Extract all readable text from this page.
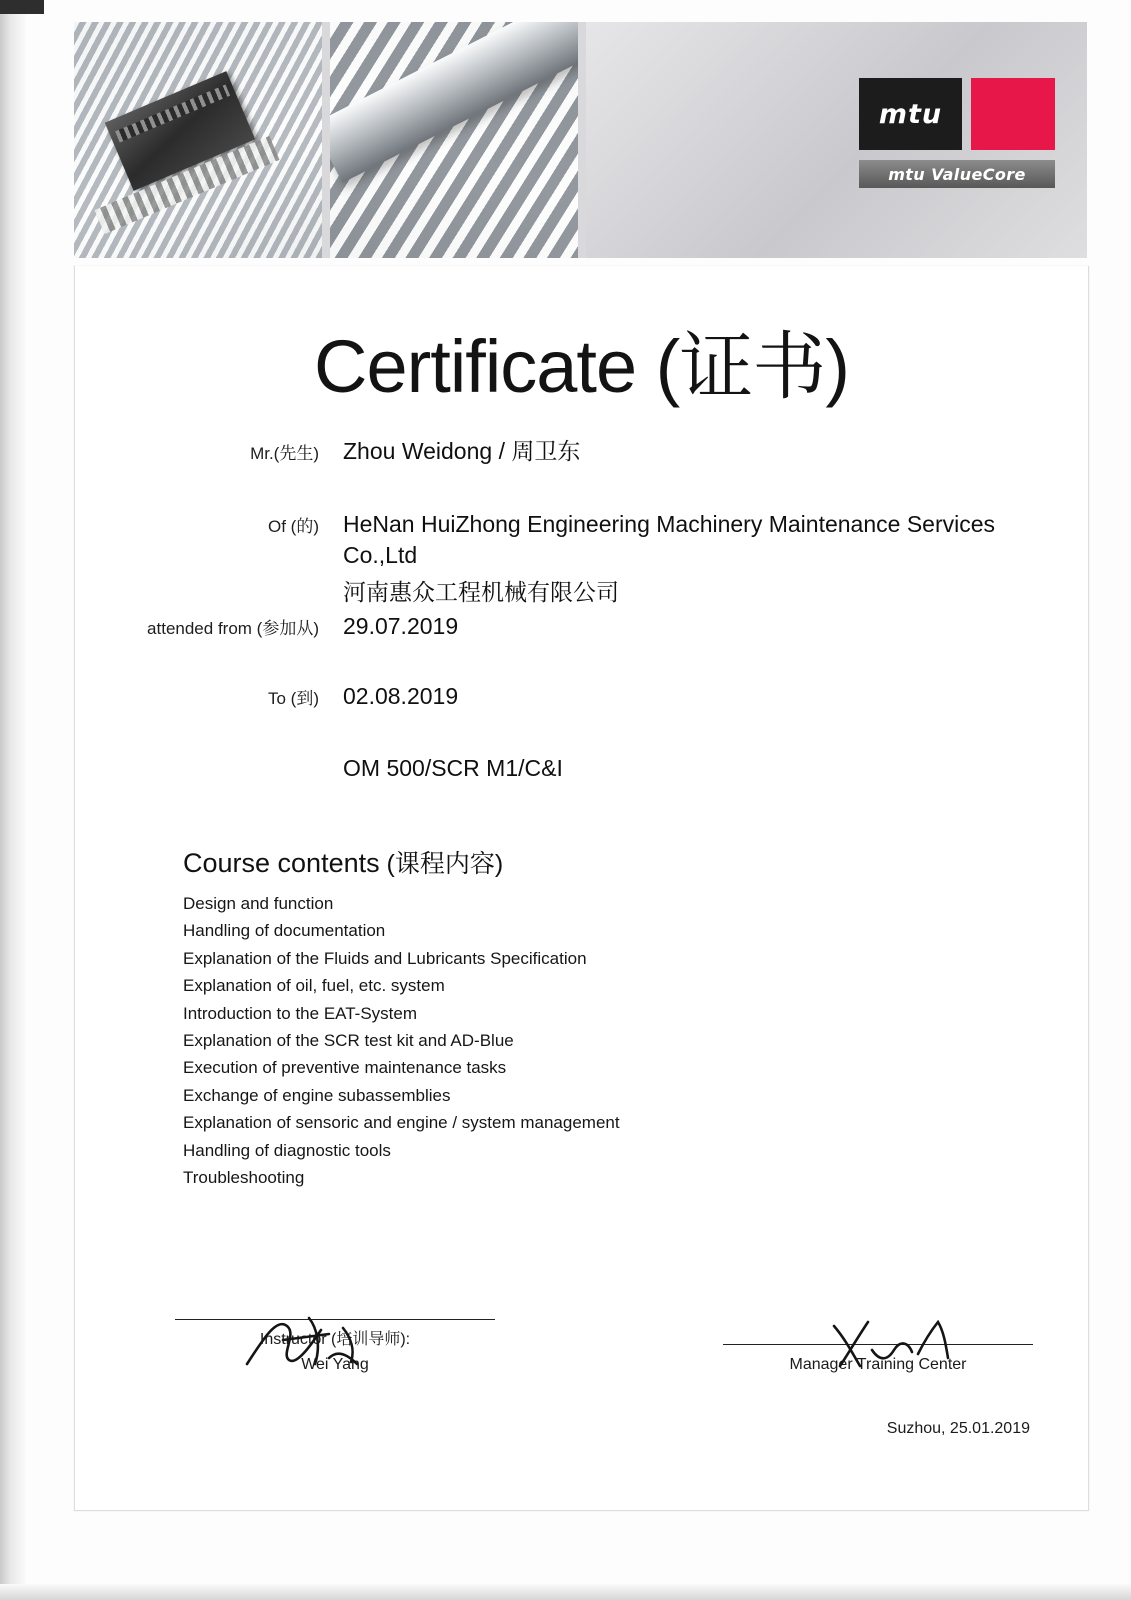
mtu
mtu ValueCore
Certificate (证书)
Mr.(先生)	Zhou Weidong / 周卫东
Of (的)	HeNan HuiZhong Engineering Machinery Maintenance Services Co.,Ltd
河南惠众工程机械有限公司
attended from (参加从)	29.07.2019
To (到)	02.08.2019
OM 500/SCR M1/C&I
Course contents (课程内容)
Design and function
Handling of documentation
Explanation of the Fluids and Lubricants Specification
Explanation of oil, fuel, etc. system
Introduction to the EAT-System
Explanation of the SCR test kit and AD-Blue
Execution of preventive maintenance tasks
Exchange of engine subassemblies
Explanation of sensoric and engine / system management
Handling of diagnostic tools
Troubleshooting
Instructor (培训导师):
Wei Yang	Manager Training Center
Suzhou, 25.01.2019
